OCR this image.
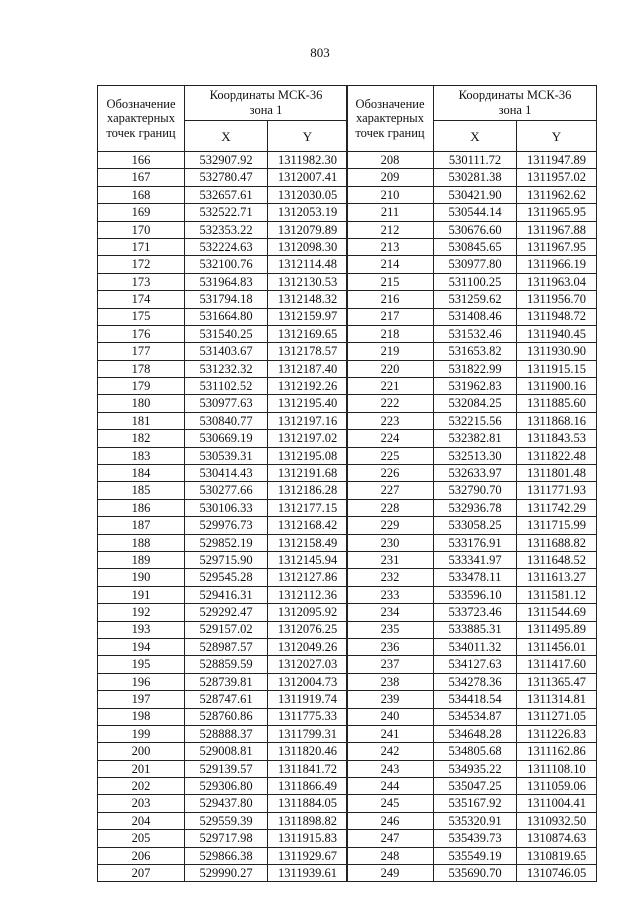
803
Обозначение характерных точек границ	Координаты МСК-36
зона 1	
	X	Y
166	532907.92	1311982.30
167	532780.47	1312007.41
168	532657.61	1312030.05
169	532522.71	1312053.19
170	532353.22	1312079.89
171	532224.63	1312098.30
172	532100.76	1312114.48
173	531964.83	1312130.53
174	531794.18	1312148.32
175	531664.80	1312159.97
176	531540.25	1312169.65
177	531403.67	1312178.57
178	531232.32	1312187.40
179	531102.52	1312192.26
180	530977.63	1312195.40
181	530840.77	1312197.16
182	530669.19	1312197.02
183	530539.31	1312195.08
184	530414.43	1312191.68
185	530277.66	1312186.28
186	530106.33	1312177.15
187	529976.73	1312168.42
188	529852.19	1312158.49
189	529715.90	1312145.94
190	529545.28	1312127.86
191	529416.31	1312112.36
192	529292.47	1312095.92
193	529157.02	1312076.25
194	528987.57	1312049.26
195	528859.59	1312027.03
196	528739.81	1312004.73
197	528747.61	1311919.74
198	528760.86	1311775.33
199	528888.37	1311799.31
200	529008.81	1311820.46
201	529139.57	1311841.72
202	529306.80	1311866.49
203	529437.80	1311884.05
204	529559.39	1311898.82
205	529717.98	1311915.83
206	529866.38	1311929.67
207	529990.27	1311939.61
Обозначение характерных точек границ	Координаты МСК-36
зона 1	
	X	Y
208	530111.72	1311947.89
209	530281.38	1311957.02
210	530421.90	1311962.62
211	530544.14	1311965.95
212	530676.60	1311967.88
213	530845.65	1311967.95
214	530977.80	1311966.19
215	531100.25	1311963.04
216	531259.62	1311956.70
217	531408.46	1311948.72
218	531532.46	1311940.45
219	531653.82	1311930.90
220	531822.99	1311915.15
221	531962.83	1311900.16
222	532084.25	1311885.60
223	532215.56	1311868.16
224	532382.81	1311843.53
225	532513.30	1311822.48
226	532633.97	1311801.48
227	532790.70	1311771.93
228	532936.78	1311742.29
229	533058.25	1311715.99
230	533176.91	1311688.82
231	533341.97	1311648.52
232	533478.11	1311613.27
233	533596.10	1311581.12
234	533723.46	1311544.69
235	533885.31	1311495.89
236	534011.32	1311456.01
237	534127.63	1311417.60
238	534278.36	1311365.47
239	534418.54	1311314.81
240	534534.87	1311271.05
241	534648.28	1311226.83
242	534805.68	1311162.86
243	534935.22	1311108.10
244	535047.25	1311059.06
245	535167.92	1311004.41
246	535320.91	1310932.50
247	535439.73	1310874.63
248	535549.19	1310819.65
249	535690.70	1310746.05
